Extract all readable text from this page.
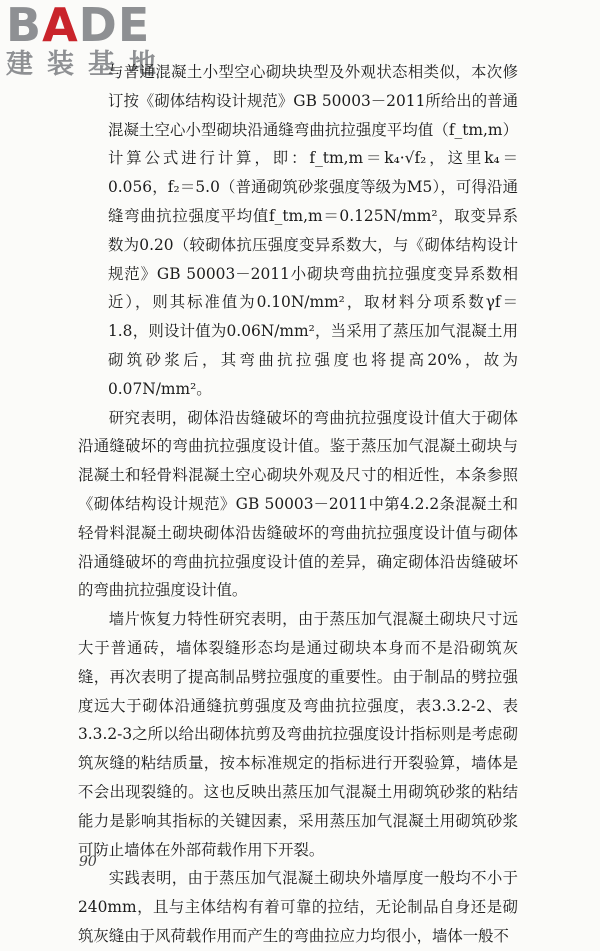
BADE
建装基地

与普通混凝土小型空心砌块块型及外观状态相类似，本次修订按《砌体结构设计规范》GB 50003－2011所给出的普通混凝土空心小型砌块沿通缝弯曲抗拉强度平均值（f_tm,m）计算公式进行计算，即：f_tm,m＝k₄·√f₂，这里k₄＝0.056，f₂＝5.0（普通砌筑砂浆强度等级为M5），可得沿通缝弯曲抗拉强度平均值f_tm,m＝0.125N/mm²，取变异系数为0.20（较砌体抗压强度变异系数大，与《砌体结构设计规范》GB 50003－2011小砌块弯曲抗拉强度变异系数相近），则其标准值为0.10N/mm²，取材料分项系数γf＝1.8，则设计值为0.06N/mm²，当采用了蒸压加气混凝土用砌筑砂浆后，其弯曲抗拉强度也将提高20%，故为0.07N/mm²。

研究表明，砌体沿齿缝破坏的弯曲抗拉强度设计值大于砌体沿通缝破坏的弯曲抗拉强度设计值。鉴于蒸压加气混凝土砌块与混凝土和轻骨料混凝土空心砌块外观及尺寸的相近性，本条参照《砌体结构设计规范》GB 50003－2011中第4.2.2条混凝土和轻骨料混凝土砌块砌体沿齿缝破坏的弯曲抗拉强度设计值与砌体沿通缝破坏的弯曲抗拉强度设计值的差异，确定砌体沿齿缝破坏的弯曲抗拉强度设计值。

墙片恢复力特性研究表明，由于蒸压加气混凝土砌块尺寸远大于普通砖，墙体裂缝形态均是通过砌块本身而不是沿砌筑灰缝，再次表明了提高制品劈拉强度的重要性。由于制品的劈拉强度远大于砌体沿通缝抗剪强度及弯曲抗拉强度，表3.3.2-2、表3.3.2-3之所以给出砌体抗剪及弯曲抗拉强度设计指标则是考虑砌筑灰缝的粘结质量，按本标准规定的指标进行开裂验算，墙体是不会出现裂缝的。这也反映出蒸压加气混凝土用砌筑砂浆的粘结能力是影响其指标的关键因素，采用蒸压加气混凝土用砌筑砂浆可防止墙体在外部荷载作用下开裂。

实践表明，由于蒸压加气混凝土砌块外墙厚度一般均不小于240mm，且与主体结构有着可靠的拉结，无论制品自身还是砌筑灰缝由于风荷载作用而产生的弯曲拉应力均很小，墙体一般不

90
